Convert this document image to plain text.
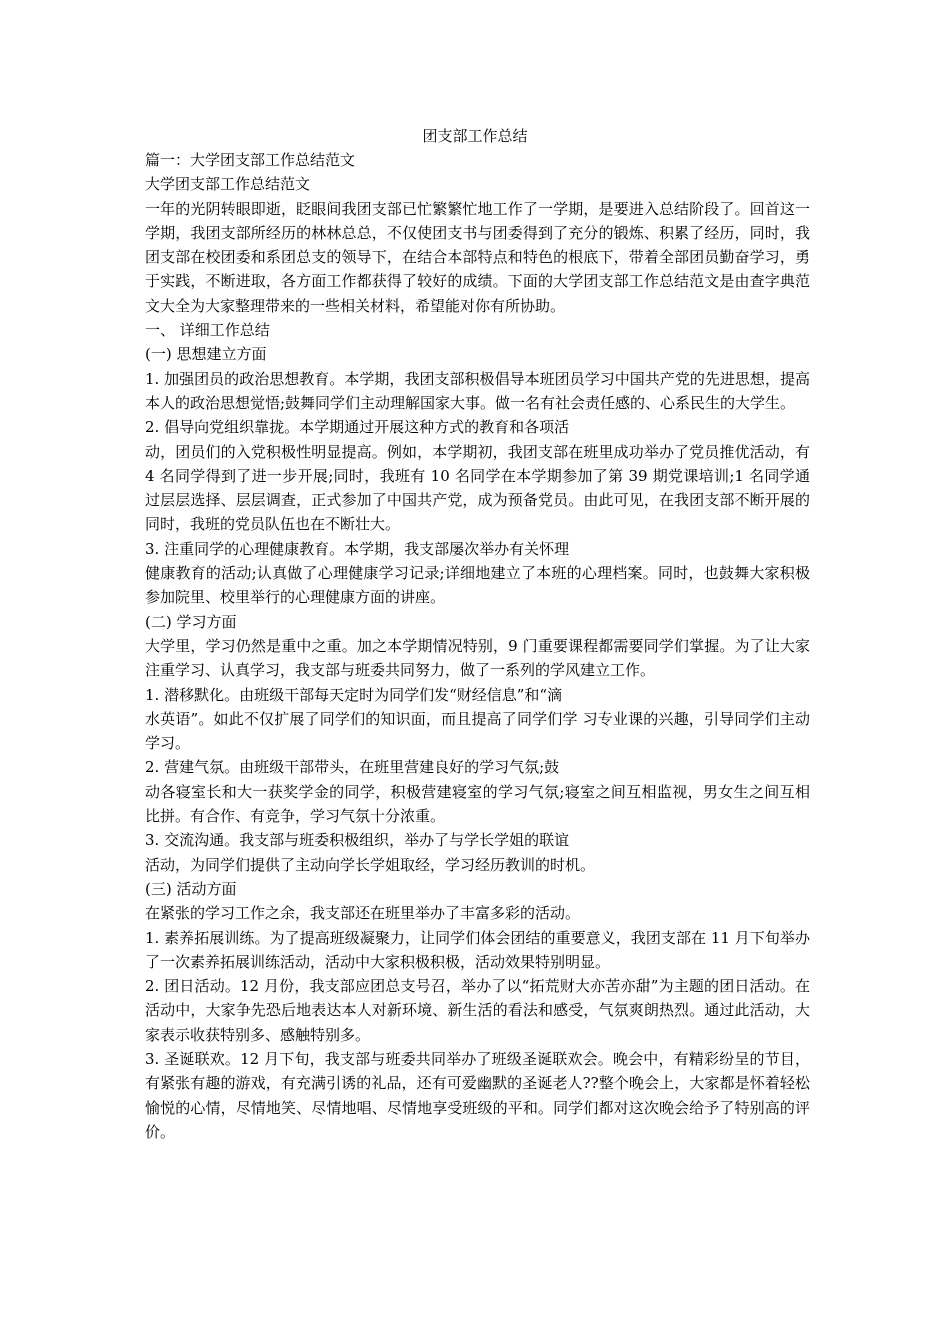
团支部工作总结

篇一：大学团支部工作总结范文

大学团支部工作总结范文

一年的光阴转眼即逝，眨眼间我团支部已忙繁繁忙地工作了一学期，是要进入总结阶段了。回首这一学期，我团支部所经历的林林总总，不仅使团支书与团委得到了充分的锻炼、积累了经历，同时，我团支部在校团委和系团总支的领导下，在结合本部特点和特色的根底下，带着全部团员勤奋学习，勇于实践，不断进取，各方面工作都获得了较好的成绩。下面的大学团支部工作总结范文是由查字典范文大全为大家整理带来的一些相关材料，希望能对你有所协助。

一、 详细工作总结

(一) 思想建立方面

1. 加强团员的政治思想教育。本学期，我团支部积极倡导本班团员学习中国共产党的先进思想，提高本人的政治思想觉悟;鼓舞同学们主动理解国家大事。做一名有社会责任感的、心系民生的大学生。

2. 倡导向党组织靠拢。本学期通过开展这种方式的教育和各项活

动，团员们的入党积极性明显提高。例如，本学期初，我团支部在班里成功举办了党员推优活动，有 4 名同学得到了进一步开展;同时，我班有 10 名同学在本学期参加了第 39 期党课培训;1 名同学通过层层选择、层层调查，正式参加了中国共产党，成为预备党员。由此可见，在我团支部不断开展的同时，我班的党员队伍也在不断壮大。

3. 注重同学的心理健康教育。本学期，我支部屡次举办有关怀理

健康教育的活动;认真做了心理健康学习记录;详细地建立了本班的心理档案。同时，也鼓舞大家积极参加院里、校里举行的心理健康方面的讲座。

(二) 学习方面

大学里，学习仍然是重中之重。加之本学期情况特别，9 门重要课程都需要同学们掌握。为了让大家注重学习、认真学习，我支部与班委共同努力，做了一系列的学风建立工作。

1. 潜移默化。由班级干部每天定时为同学们发“财经信息”和“滴

水英语”。如此不仅扩展了同学们的知识面，而且提高了同学们学 习专业课的兴趣，引导同学们主动学习。

2. 营建气氛。由班级干部带头，在班里营建良好的学习气氛;鼓

动各寝室长和大一获奖学金的同学，积极营建寝室的学习气氛;寝室之间互相监视，男女生之间互相比拼。有合作、有竞争，学习气氛十分浓重。

3. 交流沟通。我支部与班委积极组织，举办了与学长学姐的联谊

活动，为同学们提供了主动向学长学姐取经，学习经历教训的时机。

(三) 活动方面

在紧张的学习工作之余，我支部还在班里举办了丰富多彩的活动。

1. 素养拓展训练。为了提高班级凝聚力，让同学们体会团结的重要意义，我团支部在 11 月下旬举办了一次素养拓展训练活动，活动中大家积极积极，活动效果特别明显。

2. 团日活动。12 月份，我支部应团总支号召，举办了以“拓荒财大亦苦亦甜”为主题的团日活动。在活动中，大家争先恐后地表达本人对新环境、新生活的看法和感受，气氛爽朗热烈。通过此活动，大家表示收获特别多、感触特别多。

3. 圣诞联欢。12 月下旬，我支部与班委共同举办了班级圣诞联欢会。晚会中，有精彩纷呈的节目，有紧张有趣的游戏，有充满引诱的礼品，还有可爱幽默的圣诞老人??整个晚会上，大家都是怀着轻松愉悦的心情，尽情地笑、尽情地唱、尽情地享受班级的平和。同学们都对这次晚会给予了特别高的评价。
